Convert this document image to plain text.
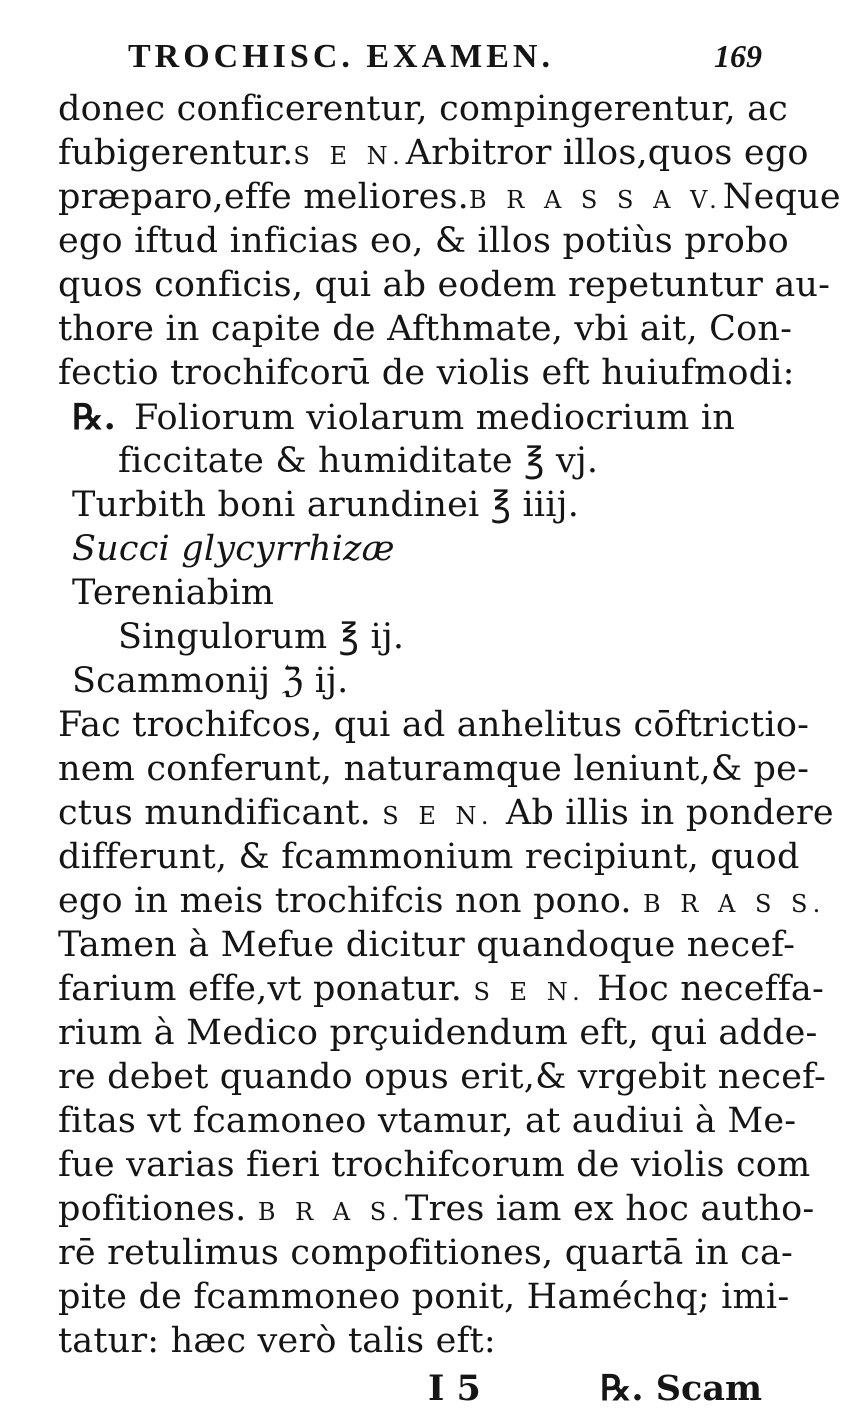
TROCHISC. EXAMEN.	169
donec conficerentur, compingerentur, ac
fubigerentur.S E N.Arbitror illos,quos ego
præparo,effe meliores.B R A S S A V.Neque
ego iftud inficias eo, & illos potiùs probo
quos conficis, qui ab eodem repetuntur au-
thore in capite de Afthmate, vbi ait, Con-
fectio trochifcorū de violis eft huiufmodi:
℞. Foliorum violarum mediocrium in
ficcitate & humiditate ℥ vj.
Turbith boni arundinei ℥ iiij.
Succi glycyrrhizæ
Tereniabim
Singulorum ℥ ij.
Scammonij ℨ ij.
Fac trochifcos, qui ad anhelitus cōftrictio-
nem conferunt, naturamque leniunt,& pe-
ctus mundificant. S E N. Ab illis in pondere
differunt, & fcammonium recipiunt, quod
ego in meis trochifcis non pono. B R A S S.
Tamen à Mefue dicitur quandoque necef-
farium effe,vt ponatur. S E N. Hoc neceffa-
rium à Medico prçuidendum eft, qui adde-
re debet quando opus erit,& vrgebit necef-
fitas vt fcamoneo vtamur, at audiui à Me-
fue varias fieri trochifcorum de violis com
pofitiones. B R A S.Tres iam ex hoc autho-
rē retulimus compofitiones, quartā in ca-
pite de fcammoneo ponit, Haméchq; imi-
tatur: hæc verò talis eft:
I 5	℞. Scam
